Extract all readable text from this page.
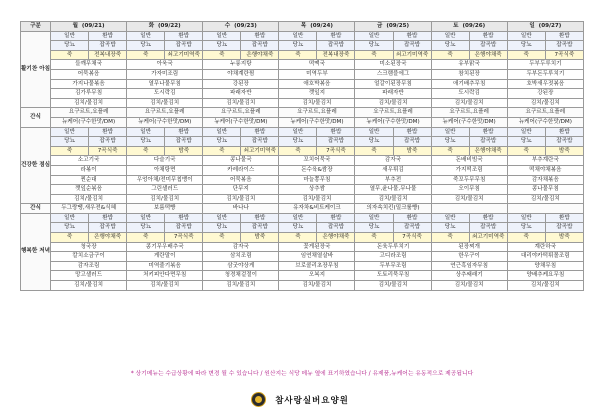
구분	월 (09/21)		화 (09/22)		수 (09/23)		목 (09/24)		금 (09/25)		토 (09/26)		일 (09/27)	
활기찬 아침	일반	환밥	일반	환밥	일반	환밥	일반	환밥	일반	환밥	일반	환밥	일반	환밥
	당뇨	잡곡밥	당뇨	잡곡밥	당뇨	잡곡밥	당뇨	잡곡밥	당뇨	잡곡밥	당뇨	잡곡밥	당뇨	잡곡밥
	죽	전복내장죽	죽	쇠고기미역죽	죽	은행야채죽	죽	전복내장죽	죽	쇠고기미역죽	죽	은행야채죽	죽	7곡식죽
	들깨무채국		아욱국		누룽지탕		떡맥국		미소된장국		유부맑국		두부두루치기	
	어묵볶음		가자미조림		야채계란찜		미역두부		스크램블에그		참치된장		두부돈두루치기	
	가지나물볶음		열무나물무침		강된장		애호박볶음		얼갈이된장무침		애기배추무침		호박새우젓볶음	
	김가루무침		도시락김		파래자반		깻잎지		파래자반		도시락김		강된장	
	김치/물김치		김치/물김치		김치/물김치		김치/물김치		김치/물김치		김치/물김치		김치/물김치	
간식	요구르트,요플레		요구르트,요플레		요구르트,요플레		요구르트,요플레		요구르트,요플레		요구르트,요플레		요구르트,요플레	
	뉴케어(구수한맛/DM)		뉴케어(구수한맛/DM)		뉴케어(구수한맛/DM)		뉴케어(구수한맛/DM)		뉴케어(구수한맛/DM)		뉴케어(구수한맛/DM)		뉴케어(구수한맛/DM)	
건강한 점심	일반	환밥	일반	환밥	일반	환밥	일반	환밥	일반	환밥	일반	환밥	일반	환밥
	당뇨	잡곡밥	당뇨	잡곡밥	당뇨	잡곡밥	당뇨	잡곡밥	당뇨	잡곡밥	당뇨	잡곡밥	당뇨	잡곡밥
	죽	7곡식죽	죽	밤죽	죽	쇠고기미역죽	죽	7곡식죽	죽	밤죽	죽	은행야채죽	죽	밤죽
	소고기국		다슬기국		콩나물국		꼬치어묵국		감자국		돈배비빔국		부추계란국	
	라볶이		아채탕면		카레라이스		돈수육&쌈장		새우튀김		가지떡조림		떡채야채볶음	
	찐순대		우엉아채/전미무칩뱅이		어묵볶음		마늘쫑무침		부추전		죽꼬두무무침		감자채볶음	
	깻잎순볶음		그린샐러드		단무지		상추쌈		열무,윤나물,무나물		오이무침		콩나물무침	
	김치/물김치		김치/물김치		김치/물김치		김치/물김치		김치/물김치		김치/물김치		김치/물김치	
간식	두그랑땡,새우전&식혜		보름떡빵		바나나		유자차&비트케이크		의자속치킨(밀크룰빵)					
행복한 저녁	일반	환밥	일반	환밥	일반	환밥	일반	환밥	일반	환밥	일반	환밥	일반	환밥
	당뇨	잡곡밥	당뇨	잡곡밥	당뇨	잡곡밥	당뇨	잡곡밥	당뇨	잡곡밥	당뇨	잡곡밥	당뇨	잡곡밥
	죽	은행야채죽	죽	7곡식죽	죽	밤죽	죽	은행야채죽	죽	7곡식죽	죽	쇠고기미역죽	죽	밤죽
	청국장		콩기무우배추국		감자국		꽃게된장국		돈육두루치기		된장찌개		계란하국	
	칼치소금구이		게란말이		삼치조림		임연채열살바		고디라조림		한우구이		대리야카떡튀몰조림	
	감자조림		미역줄기볶음		삼굿야상게		브로콜리초장무침		두부무조림		연근흑임자무침		양채무침	
	망고샐러드		처키피안다면무침		청경채겉절이		오복지		도토리묵무침		상추쌔래기		양배추케요무침	
	김치/물김치		김치/물김치		김치/물김치		김치/물김치		김치/물김치		김치/물김치		김치/물김치	
* 상기메뉴는 수급상황에 따라 변경 될 수 있습니다 / 원산지는 식당 메뉴 옆에 표기하였습니다 / 유제품,뉴케어는 유동적으로 제공됩니다
참사랑실버요양원
